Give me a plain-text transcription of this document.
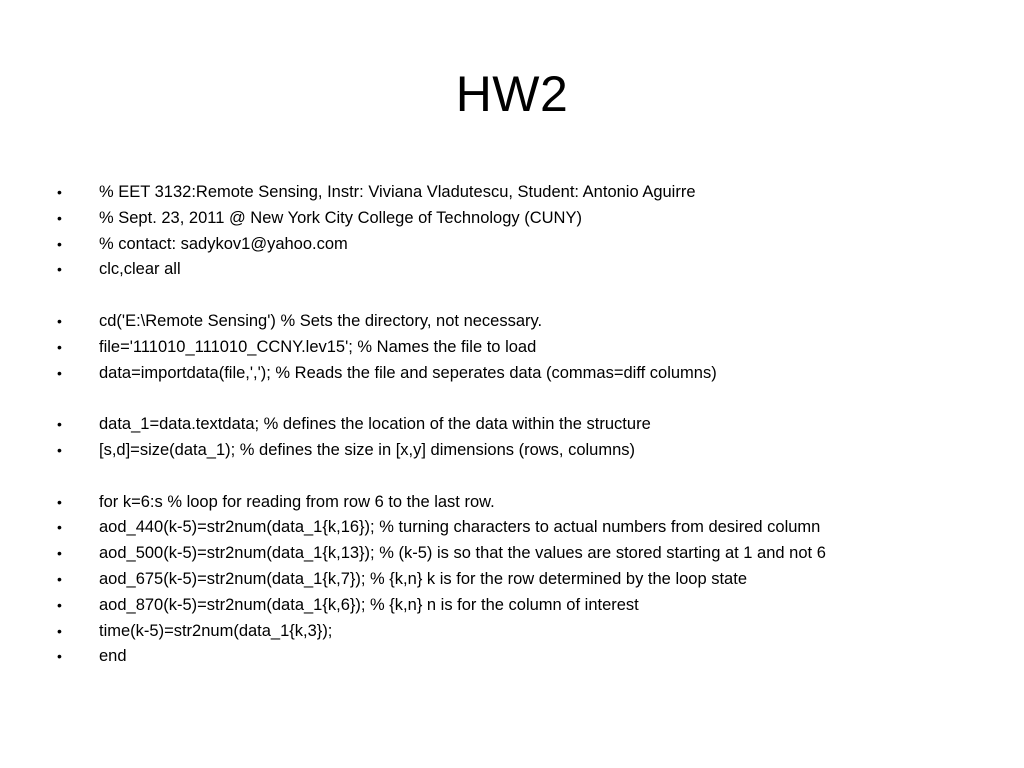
HW2
•	% EET 3132:Remote Sensing, Instr: Viviana Vladutescu, Student: Antonio Aguirre
•	% Sept. 23, 2011 @ New York City College of Technology (CUNY)
•	% contact: sadykov1@yahoo.com
•	clc,clear all
•	cd('E:\Remote Sensing') % Sets the directory, not necessary.
•	file='111010_111010_CCNY.lev15'; % Names the file to load
•	data=importdata(file,','); % Reads the file and seperates data (commas=diff columns)
•	data_1=data.textdata; % defines the location of the data within the structure
•	[s,d]=size(data_1); % defines the size in [x,y] dimensions (rows, columns)
•	for k=6:s % loop for reading from row 6 to the last row.
•	aod_440(k-5)=str2num(data_1{k,16}); % turning characters to actual numbers from desired column
•	aod_500(k-5)=str2num(data_1{k,13}); % (k-5) is so that the values are stored starting at 1 and not 6
•	aod_675(k-5)=str2num(data_1{k,7}); % {k,n} k is for the row determined by the loop state
•	aod_870(k-5)=str2num(data_1{k,6}); % {k,n} n is for the column of interest
•	time(k-5)=str2num(data_1{k,3});
•	end
